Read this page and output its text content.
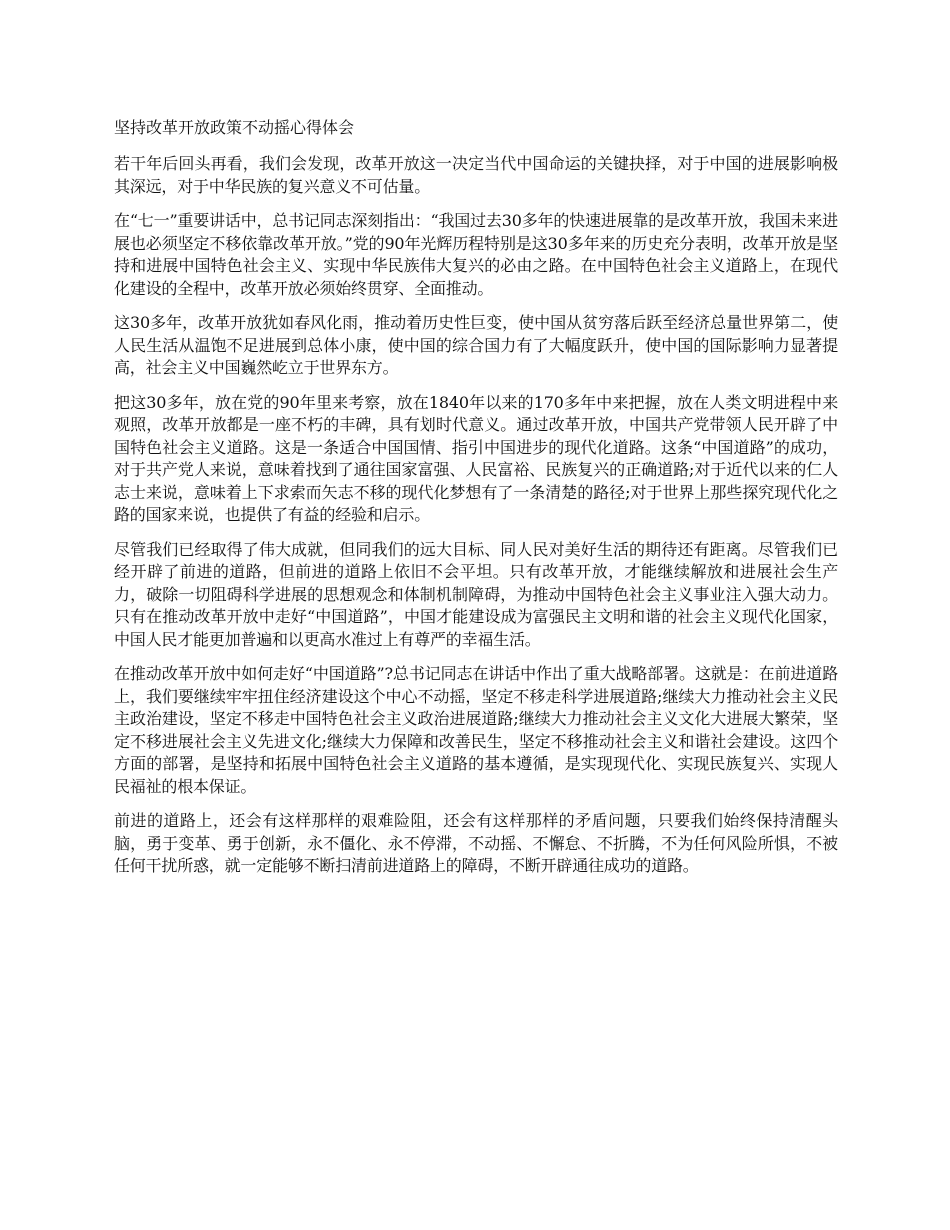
坚持改革开放政策不动摇心得体会

若干年后回头再看，我们会发现，改革开放这一决定当代中国命运的关键抉择，对于中国的进展影响极其深远，对于中华民族的复兴意义不可估量。

在“七一”重要讲话中，总书记同志深刻指出：“我国过去30多年的快速进展靠的是改革开放，我国未来进展也必须坚定不移依靠改革开放。”党的90年光辉历程特别是这30多年来的历史充分表明，改革开放是坚持和进展中国特色社会主义、实现中华民族伟大复兴的必由之路。在中国特色社会主义道路上，在现代化建设的全程中，改革开放必须始终贯穿、全面推动。

这30多年，改革开放犹如春风化雨，推动着历史性巨变，使中国从贫穷落后跃至经济总量世界第二，使人民生活从温饱不足进展到总体小康，使中国的综合国力有了大幅度跃升，使中国的国际影响力显著提高，社会主义中国巍然屹立于世界东方。

把这30多年，放在党的90年里来考察，放在1840年以来的170多年中来把握，放在人类文明进程中来观照，改革开放都是一座不朽的丰碑，具有划时代意义。通过改革开放，中国共产党带领人民开辟了中国特色社会主义道路。这是一条适合中国国情、指引中国进步的现代化道路。这条“中国道路”的成功，对于共产党人来说，意味着找到了通往国家富强、人民富裕、民族复兴的正确道路;对于近代以来的仁人志士来说，意味着上下求索而矢志不移的现代化梦想有了一条清楚的路径;对于世界上那些探究现代化之路的国家来说，也提供了有益的经验和启示。

尽管我们已经取得了伟大成就，但同我们的远大目标、同人民对美好生活的期待还有距离。尽管我们已经开辟了前进的道路，但前进的道路上依旧不会平坦。只有改革开放，才能继续解放和进展社会生产力，破除一切阻碍科学进展的思想观念和体制机制障碍，为推动中国特色社会主义事业注入强大动力。只有在推动改革开放中走好“中国道路”，中国才能建设成为富强民主文明和谐的社会主义现代化国家，中国人民才能更加普遍和以更高水准过上有尊严的幸福生活。

在推动改革开放中如何走好“中国道路”?总书记同志在讲话中作出了重大战略部署。这就是：在前进道路上，我们要继续牢牢扭住经济建设这个中心不动摇，坚定不移走科学进展道路;继续大力推动社会主义民主政治建设，坚定不移走中国特色社会主义政治进展道路;继续大力推动社会主义文化大进展大繁荣，坚定不移进展社会主义先进文化;继续大力保障和改善民生，坚定不移推动社会主义和谐社会建设。这四个方面的部署，是坚持和拓展中国特色社会主义道路的基本遵循，是实现现代化、实现民族复兴、实现人民福祉的根本保证。

前进的道路上，还会有这样那样的艰难险阻，还会有这样那样的矛盾问题，只要我们始终保持清醒头脑，勇于变革、勇于创新，永不僵化、永不停滞，不动摇、不懈怠、不折腾，不为任何风险所惧，不被任何干扰所惑，就一定能够不断扫清前进道路上的障碍，不断开辟通往成功的道路。
